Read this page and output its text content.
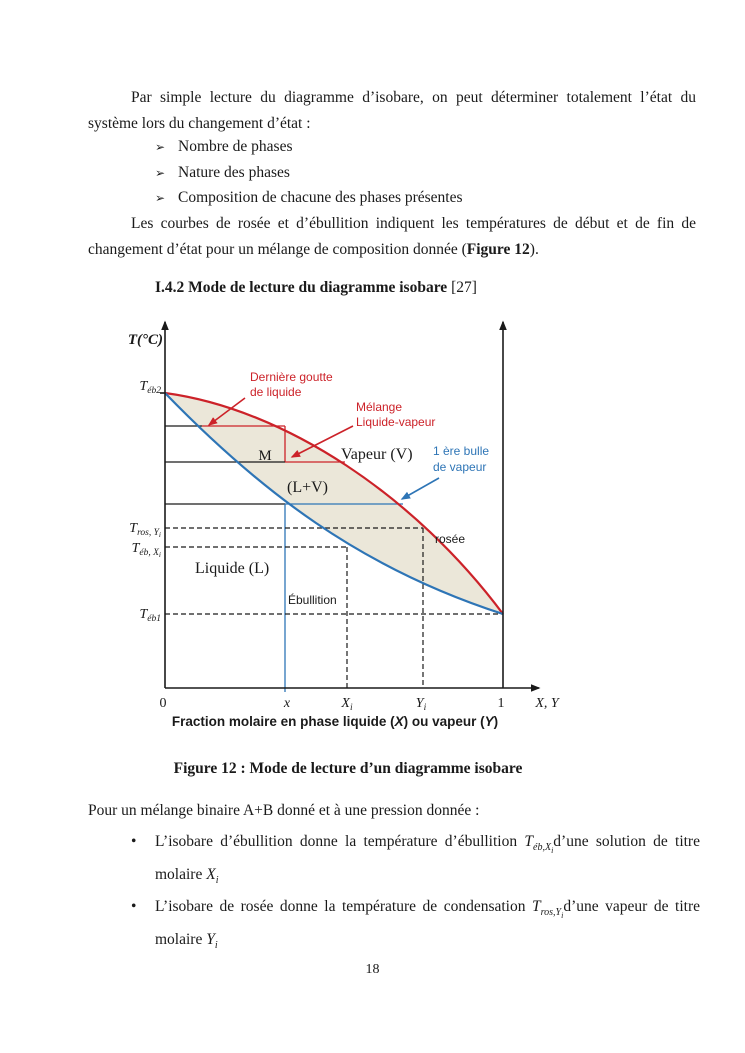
Par simple lecture du diagramme d’isobare, on peut déterminer totalement l’état du système lors du changement d’état :

➢ Nombre de phases
➢ Nature des phases
➢ Composition de chacune des phases présentes

Les courbes de rosée et d’ébullition indiquent les températures de début et de fin de changement d’état pour un mélange de composition donnée (Figure 12).

I.4.2 Mode de lecture du diagramme isobare [27]
T(°C)
$T_{éb2}$
$T_{ros, Y}i$
$T_{éb, X}i$
$T_{éb1}$
0	x	$X_i$	$Y_i$	1 X, Y
Fraction molaire en phase liquide (X) ou vapeur (Y)
Vapeur (V)
M
(L+V)
Liquide (L)
rosée
Ébullition
Dernière goutte de liquide
Mélange Liquide-vapeur
1 ère bulle de vapeur
Figure 12 : Mode de lecture d’un diagramme isobare

Pour un mélange binaire A+B donné et à une pression donnée :

• L’isobare d’ébullition donne la température d’ébullition $T_{éb,X_i}d’une$ solution de titre molaire $X_i$
• L’isobare de rosée donne la température de condensation $T_{ros,Y_i}d’une$ vapeur de titre molaire $Y_i$
18
